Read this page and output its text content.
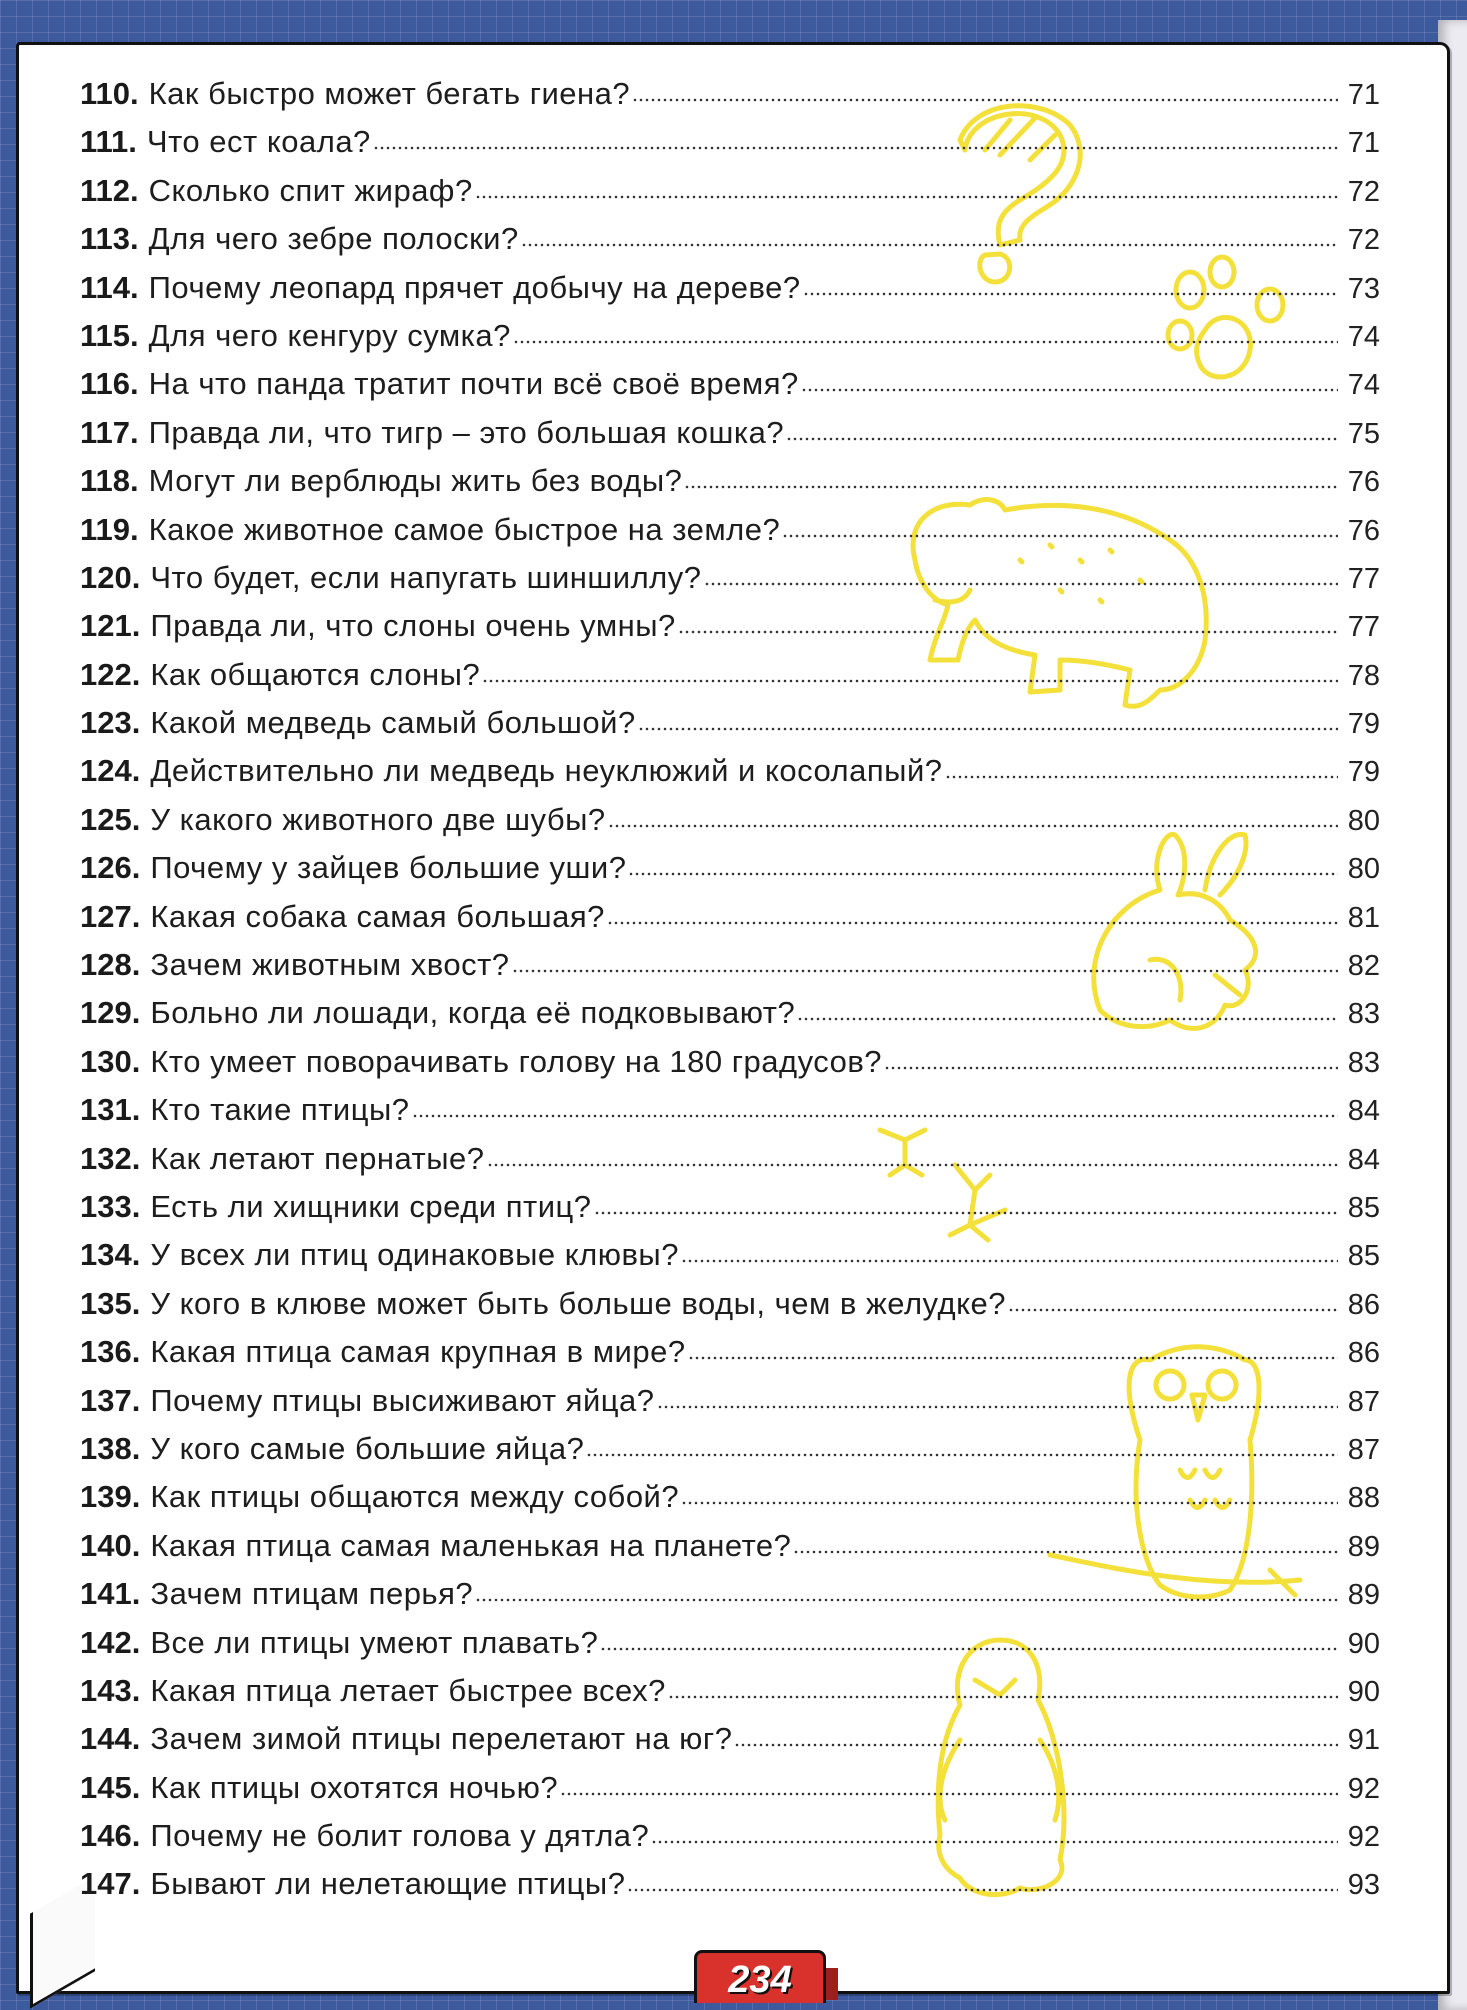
110. Как быстро может бегать гиена?	71
111. Что ест коала?	71
112. Сколько спит жираф?	72
113. Для чего зебре полоски?	72
114. Почему леопард прячет добычу на дереве?	73
115. Для чего кенгуру сумка?	74
116. На что панда тратит почти всё своё время?	74
117. Правда ли, что тигр – это большая кошка?	75
118. Могут ли верблюды жить без воды?	76
119. Какое животное самое быстрое на земле?	76
120. Что будет, если напугать шиншиллу?	77
121. Правда ли, что слоны очень умны?	77
122. Как общаются слоны?	78
123. Какой медведь самый большой?	79
124. Действительно ли медведь неуклюжий и косолапый?	79
125. У какого животного две шубы?	80
126. Почему у зайцев большие уши?	80
127. Какая собака самая большая?	81
128. Зачем животным хвост?	82
129. Больно ли лошади, когда её подковывают?	83
130. Кто умеет поворачивать голову на 180 градусов?	83
131. Кто такие птицы?	84
132. Как летают пернатые?	84
133. Есть ли хищники среди птиц?	85
134. У всех ли птиц одинаковые клювы?	85
135. У кого в клюве может быть больше воды, чем в желудке?	86
136. Какая птица самая крупная в мире?	86
137. Почему птицы высиживают яйца?	87
138. У кого самые большие яйца?	87
139. Как птицы общаются между собой?	88
140. Какая птица самая маленькая на планете?	89
141. Зачем птицам перья?	89
142. Все ли птицы умеют плавать?	90
143. Какая птица летает быстрее всех?	90
144. Зачем зимой птицы перелетают на юг?	91
145. Как птицы охотятся ночью?	92
146. Почему не болит голова у дятла?	92
147. Бывают ли нелетающие птицы?	93
234
